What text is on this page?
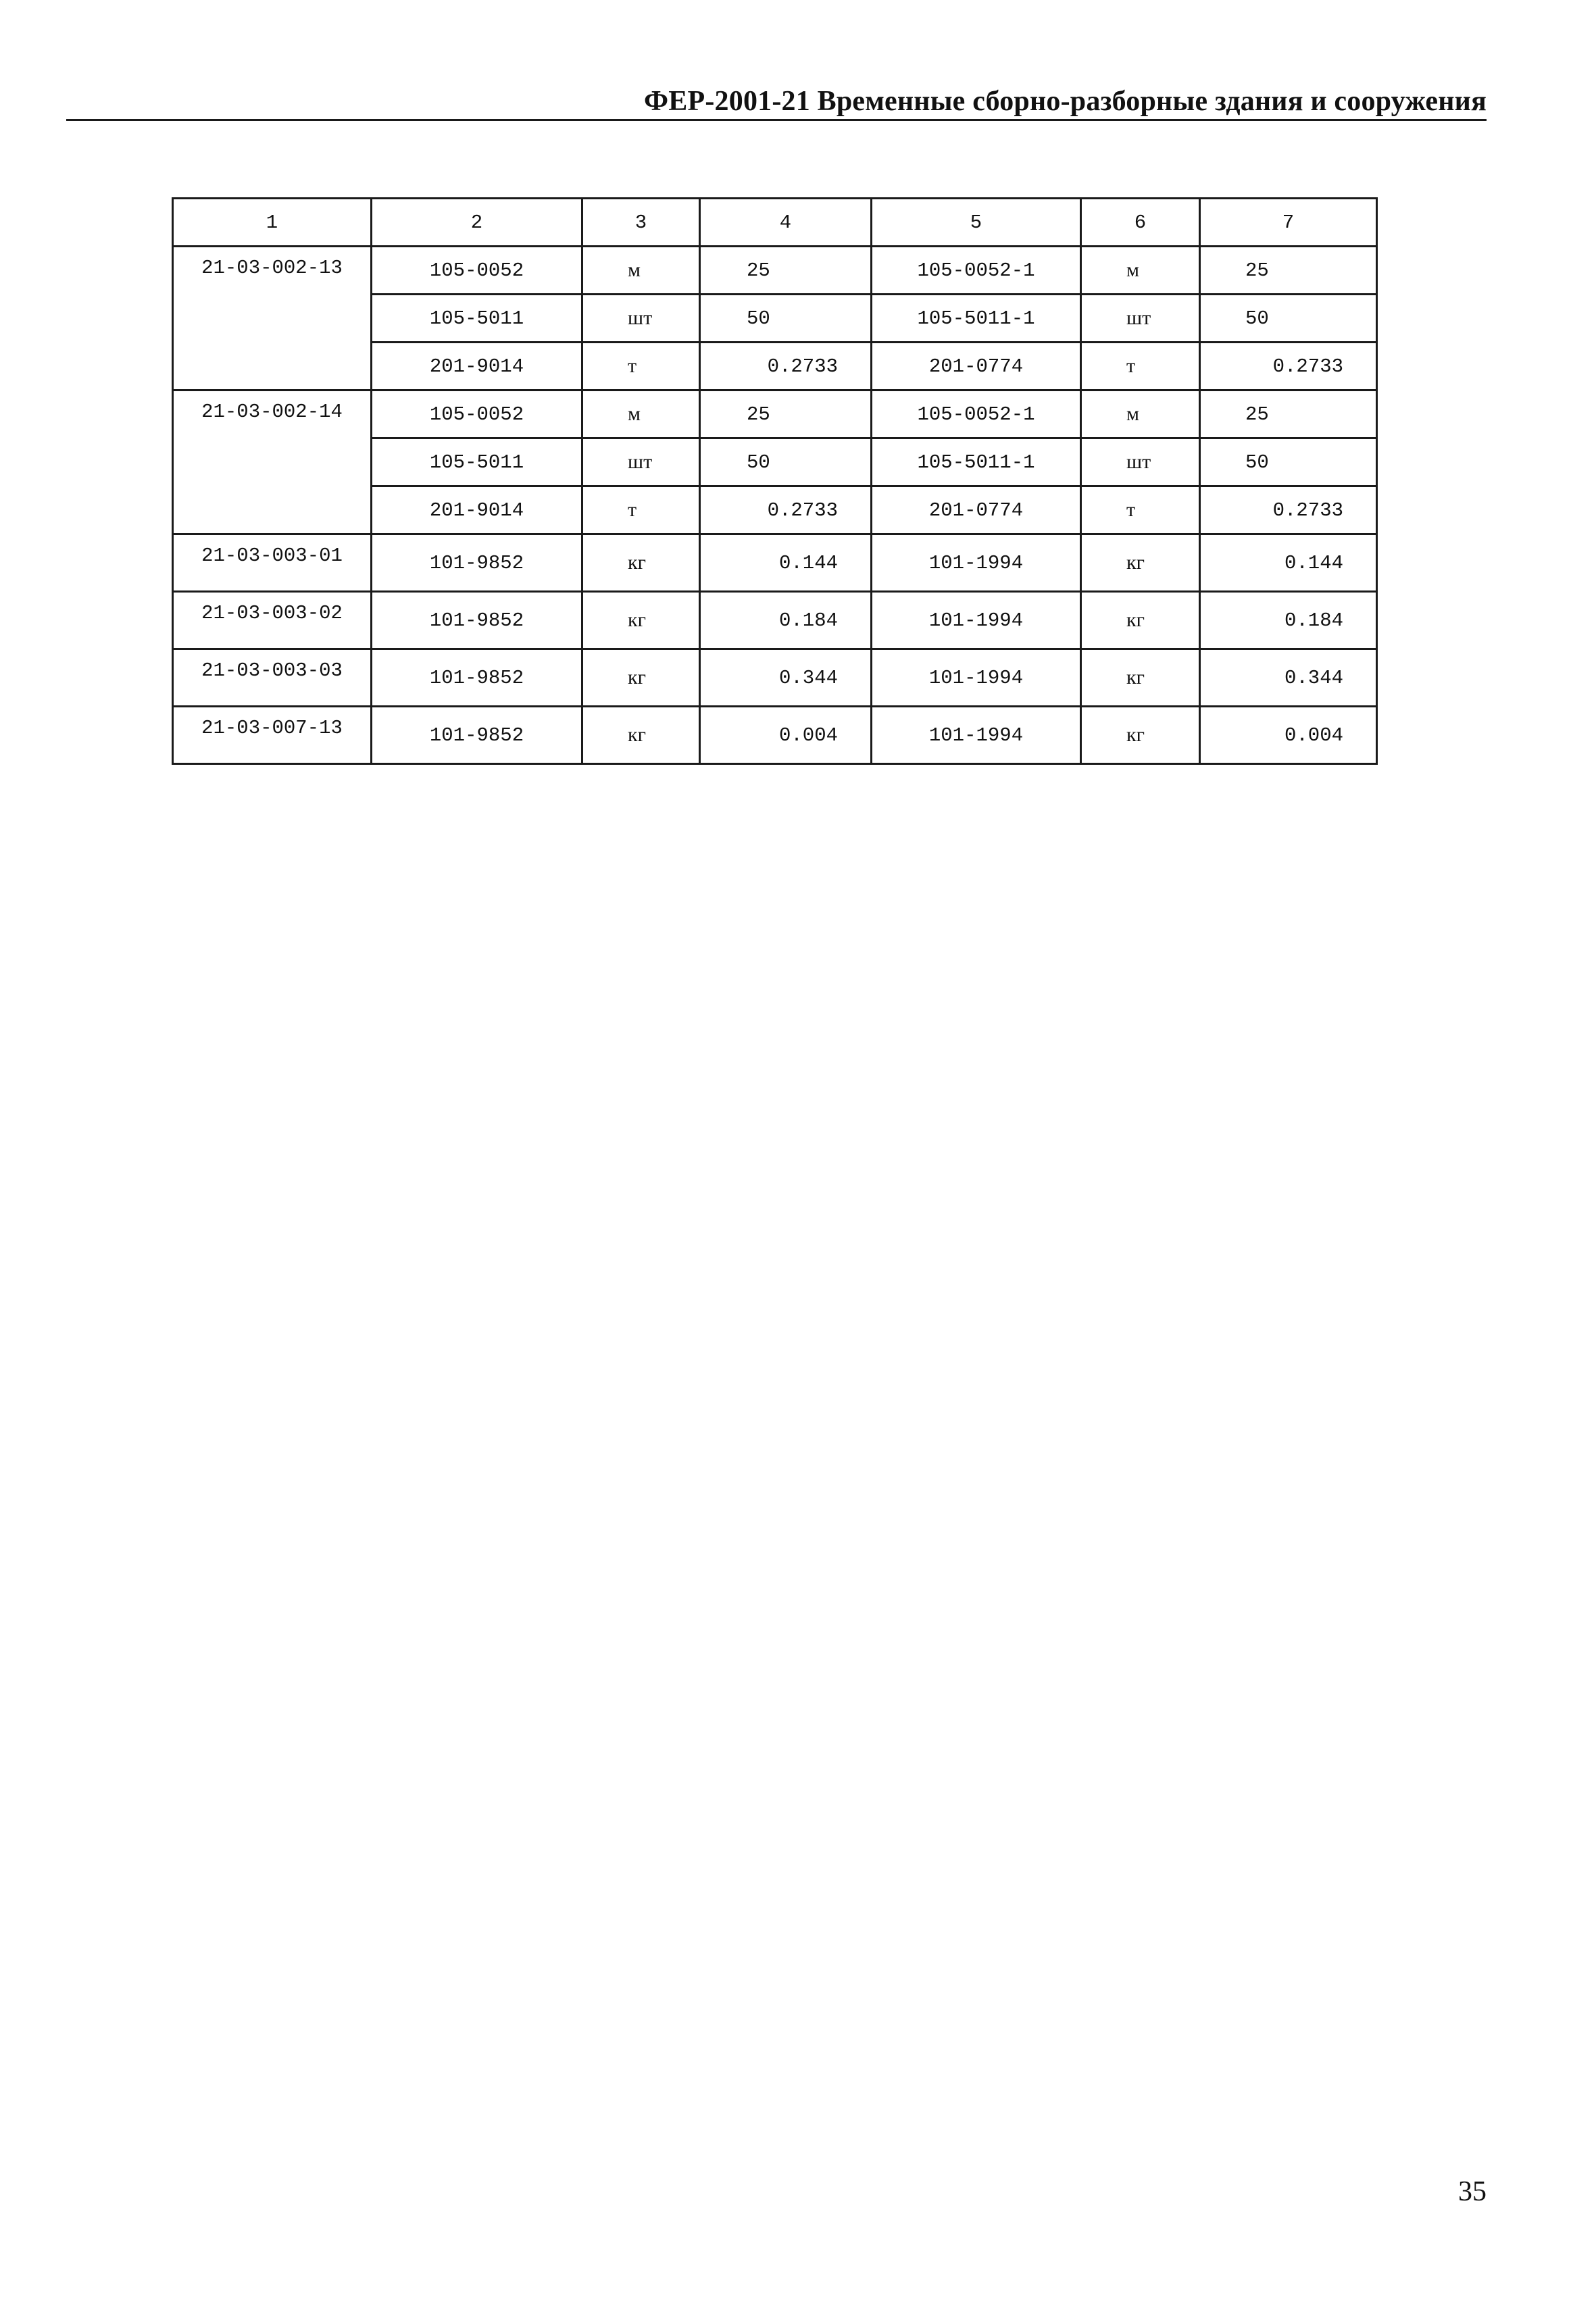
ФЕР-2001-21 Временные сборно-разборные здания и сооружения
1	2	3	4	5	6	7
21-03-002-13	105-0052	м	25	105-0052-1	м	25
	105-5011	шт	50	105-5011-1	шт	50
	201-9014	т	0.2733	201-0774	т	0.2733
21-03-002-14	105-0052	м	25	105-0052-1	м	25
	105-5011	шт	50	105-5011-1	шт	50
	201-9014	т	0.2733	201-0774	т	0.2733
21-03-003-01	101-9852	кг	0.144	101-1994	кг	0.144
21-03-003-02	101-9852	кг	0.184	101-1994	кг	0.184
21-03-003-03	101-9852	кг	0.344	101-1994	кг	0.344
21-03-007-13	101-9852	кг	0.004	101-1994	кг	0.004
35
